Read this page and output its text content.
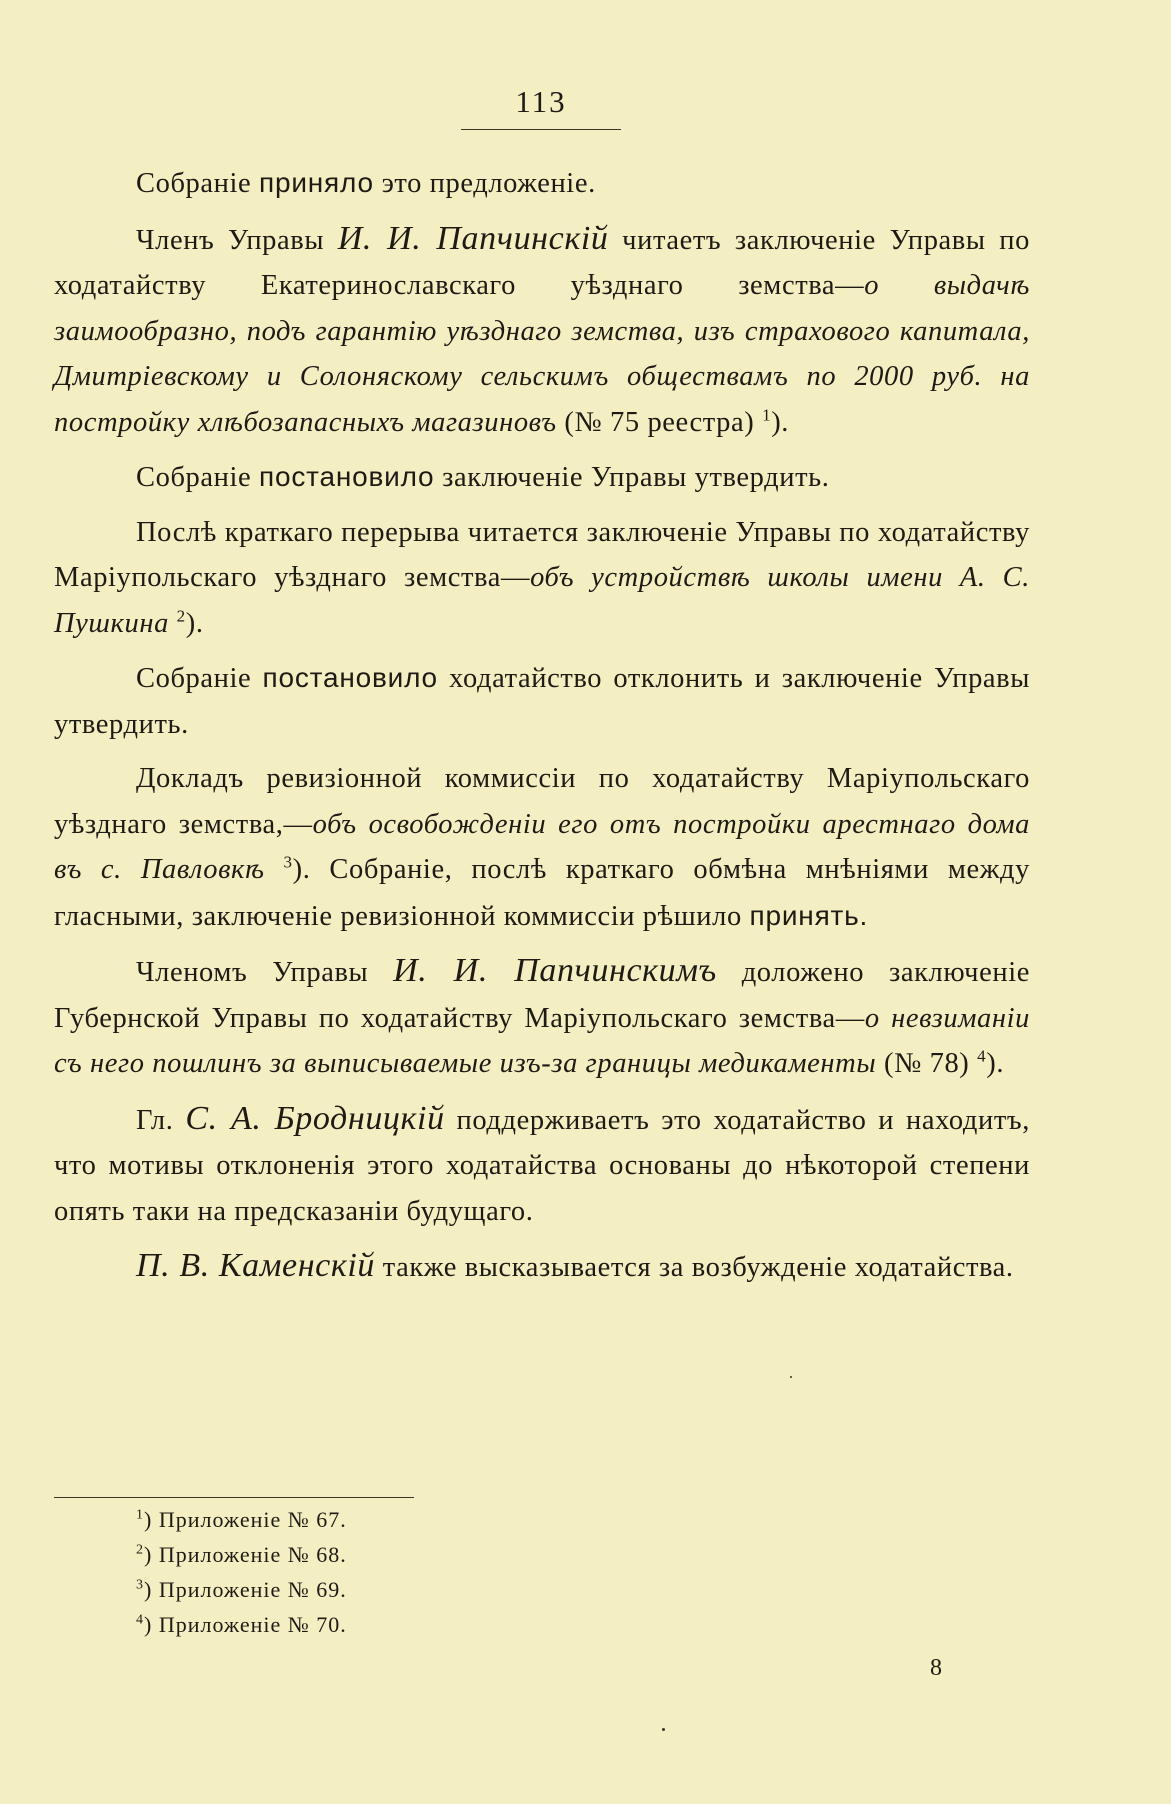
113

Собранiе приняло это предложенiе.

Членъ Управы И. И. Папчинскiй читаетъ заключенiе Управы по ходатайству Екатеринославскаго уѣзднаго земства—о выдачѣ заимообразно, подъ гарантiю уѣзднаго земства, изъ страхового капитала, Дмитрiевскому и Солоняскому сельскимъ обществамъ по 2000 руб. на постройку хлѣбозапасныхъ магазиновъ (№ 75 реестра) $^1$).

Собранiе постановило заключенiе Управы утвердить.

Послѣ краткаго перерыва читается заключенiе Управы по ходатайству Марiупольскаго уѣзднаго земства—объ устройствѣ школы имени А. С. Пушкина $^2$).

Собранiе постановило ходатайство отклонить и заключенiе Управы утвердить.

Докладъ ревизiонной коммиссiи по ходатайству Марiупольскаго уѣзднаго земства,—объ освобожденiи его отъ постройки арестнаго дома въ с. Павловкѣ $^3$). Собранiе, послѣ краткаго обмѣна мнѣнiями между гласными, заключенiе ревизiонной коммиссiи рѣшило принять.

Членомъ Управы И. И. Папчинскимъ доложено заключенiе Губернской Управы по ходатайству Марiупольскаго земства—о невзиманiи съ него пошлинъ за выписываемые изъ-за границы медикаменты (№ 78) $^4$).

Гл. С. А. Бродницкiй поддерживаетъ это ходатайство и находитъ, что мотивы отклоненiя этого ходатайства основаны до нѣкоторой степени опять таки на предсказанiи будущаго.

П. В. Каменскiй также высказывается за возбужденiе ходатайства.

$^1$) Приложенiе № 67.
$^2$) Приложенiе № 68.
$^3$) Приложенiе № 69.
$^4$) Приложенiе № 70.
8
